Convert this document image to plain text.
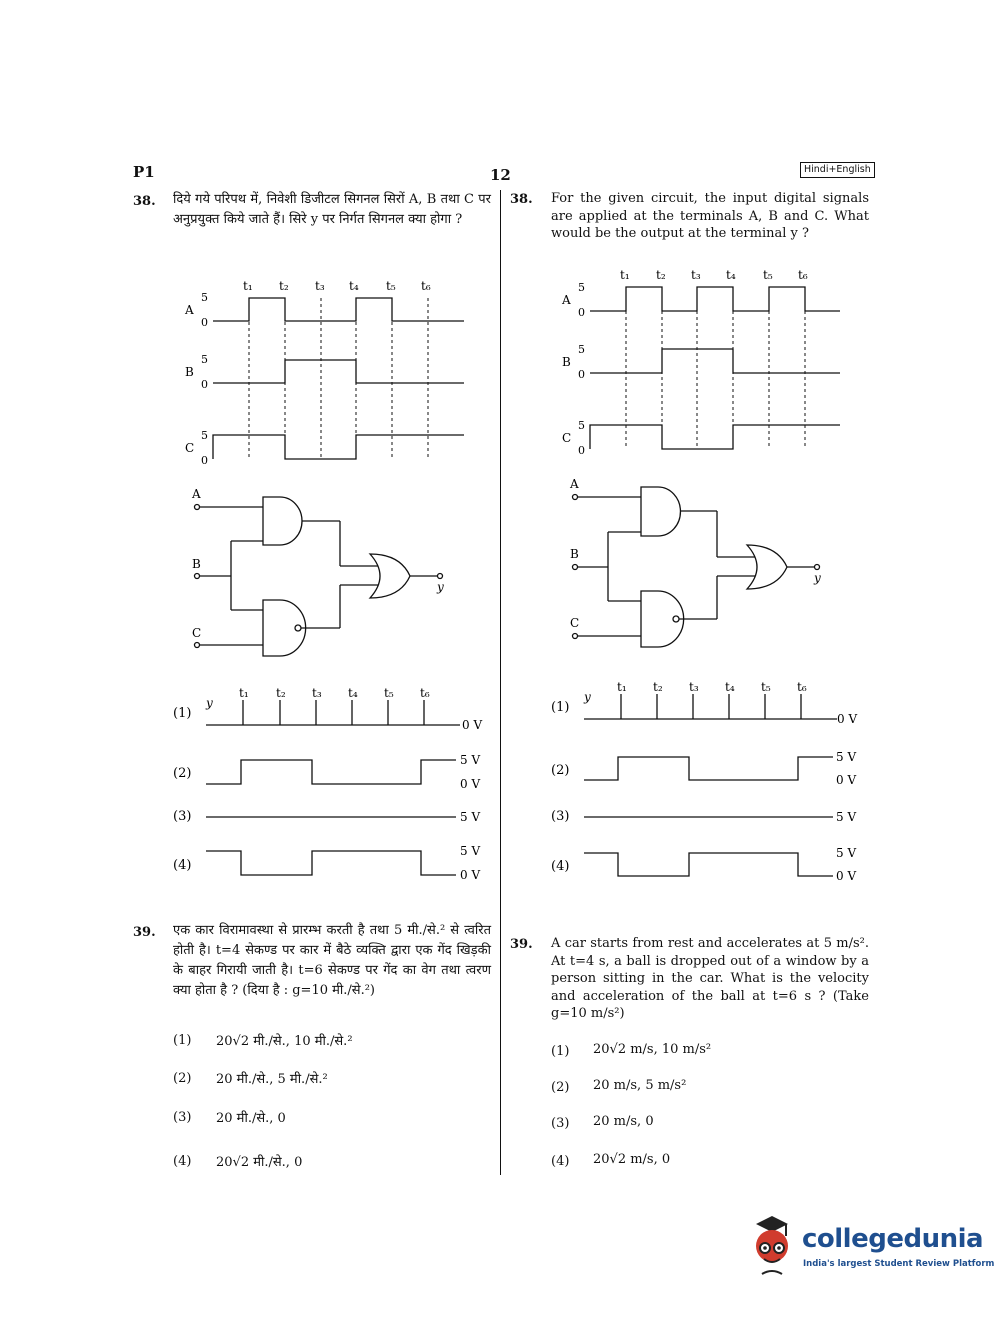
P1	12	Hindi+English
38. दिये गये परिपथ में, निवेशी डिजीटल सिगनल सिरों A, B तथा C पर अनुप्रयुक्त किये जाते हैं। सिरे y पर निर्गत सिगनल क्या होगा ?
38. For the given circuit, the input digital signals are applied at the terminals A, B and C. What would be the output at the terminal y ?
t₁ t₂ t₃ t₄ t₅ t₆
A
5
0
B
5
0
C
5
0
A
B
C
y
(1)
(2)
(3)
(4)
y
t₁ t₂ t₃ t₄ t₅ t₆
0 V
5 V
0 V
5 V
5 V
0 V
t₁ t₂ t₃ t₄ t₅ t₆
A
5
0
B
5
0
C
5
0
A
B
C
y
(1)
(2)
(3)
(4)
y
t₁ t₂ t₃ t₄ t₅ t₆
0 V
5 V
0 V
5 V
5 V
0 V
39. एक कार विरामावस्था से प्रारम्भ करती है तथा 5 मी./से.² से त्वरित होती है। t=4 सेकण्ड पर कार में बैठे व्यक्ति द्वारा एक गेंद खिड़की के बाहर गिरायी जाती है। t=6 सेकण्ड पर गेंद का वेग तथा त्वरण क्या होता है ? (दिया है : g=10 मी./से.²)
(1) 20√2 मी./से., 10 मी./से.²
(2) 20 मी./से., 5 मी./से.²
(3) 20 मी./से., 0
(4) 20√2 मी./से., 0
39. A car starts from rest and accelerates at 5 m/s². At t=4 s, a ball is dropped out of a window by a person sitting in the car. What is the velocity and acceleration of the ball at t=6 s ? (Take g=10 m/s²)
(1) 20√2 m/s, 10 m/s²
(2) 20 m/s, 5 m/s²
(3) 20 m/s, 0
(4) 20√2 m/s, 0
collegedunia
India's largest Student Review Platform
